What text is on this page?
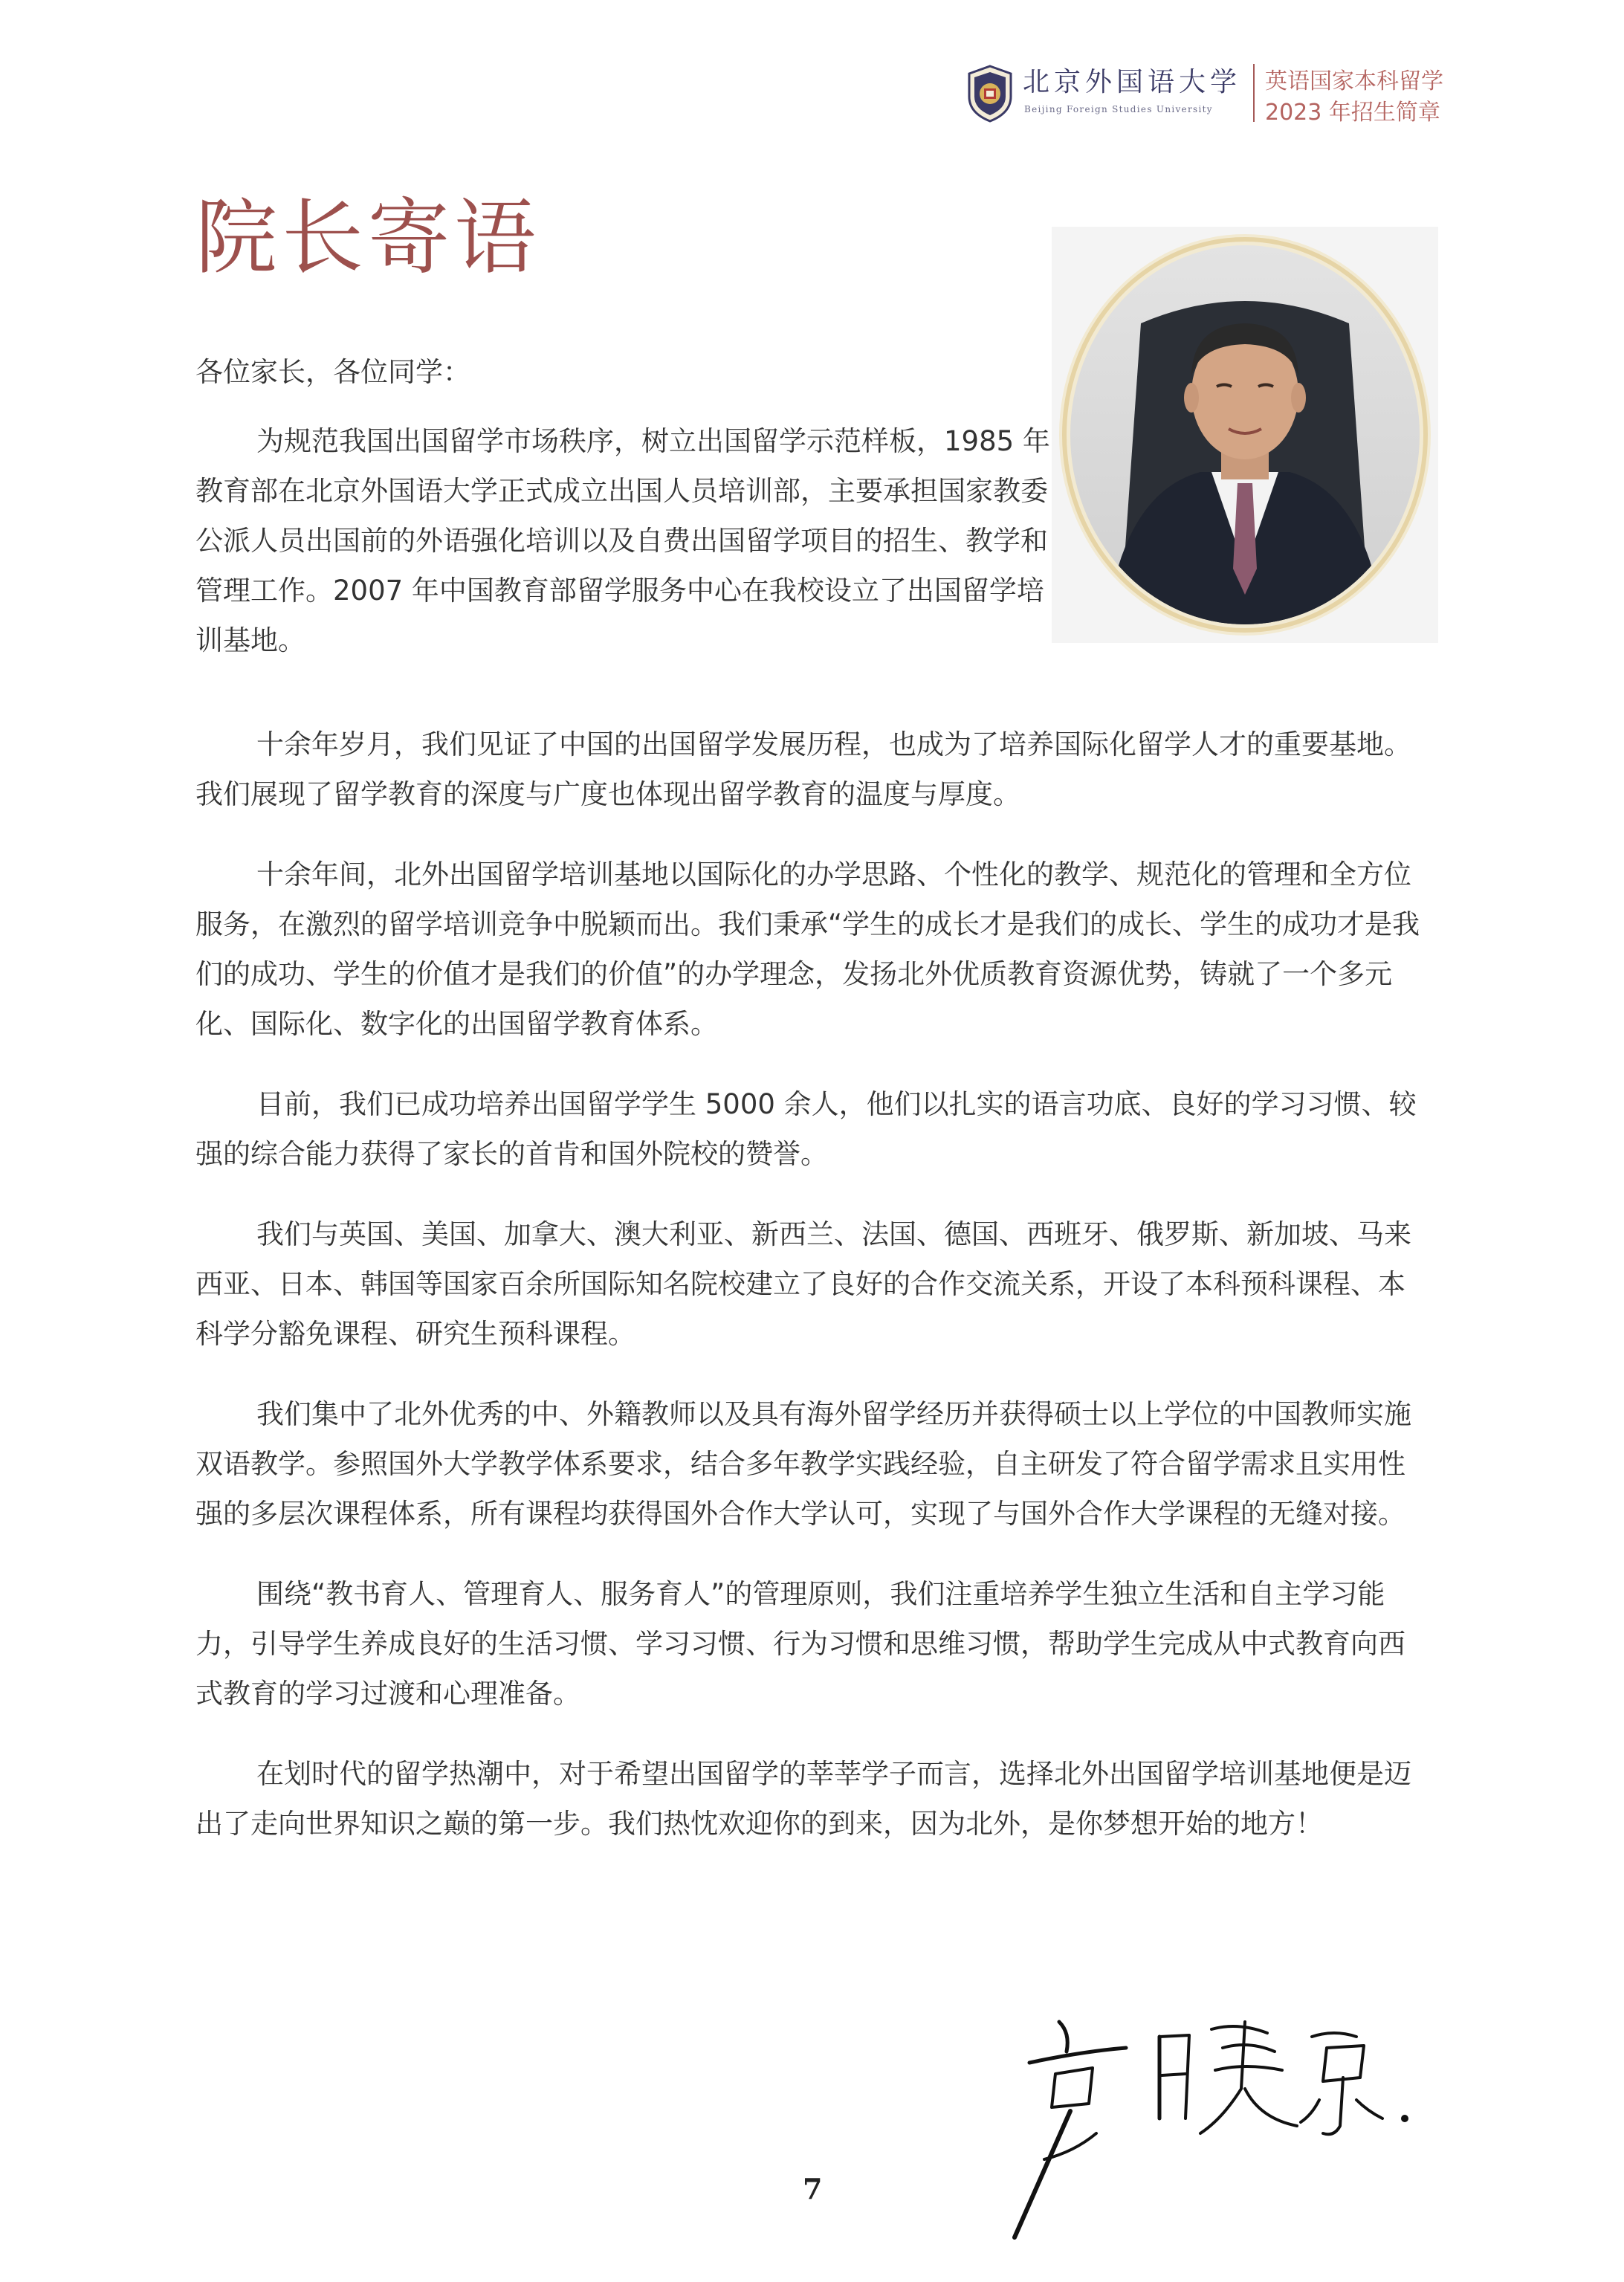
北京外国语大学
Beijing Foreign Studies University
英语国家本科留学
2023 年招生简章
院长寄语

各位家长，各位同学：

为规范我国出国留学市场秩序，树立出国留学示范样板，1985 年教育部在北京外国语大学正式成立出国人员培训部，主要承担国家教委公派人员出国前的外语强化培训以及自费出国留学项目的招生、教学和管理工作。2007 年中国教育部留学服务中心在我校设立了出国留学培训基地。

十余年岁月，我们见证了中国的出国留学发展历程，也成为了培养国际化留学人才的重要基地。我们展现了留学教育的深度与广度也体现出留学教育的温度与厚度。

十余年间，北外出国留学培训基地以国际化的办学思路、个性化的教学、规范化的管理和全方位服务，在激烈的留学培训竞争中脱颖而出。我们秉承“学生的成长才是我们的成长、学生的成功才是我们的成功、学生的价值才是我们的价值”的办学理念，发扬北外优质教育资源优势，铸就了一个多元化、国际化、数字化的出国留学教育体系。

目前，我们已成功培养出国留学学生 5000 余人，他们以扎实的语言功底、良好的学习习惯、较强的综合能力获得了家长的首肯和国外院校的赞誉。

我们与英国、美国、加拿大、澳大利亚、新西兰、法国、德国、西班牙、俄罗斯、新加坡、马来西亚、日本、韩国等国家百余所国际知名院校建立了良好的合作交流关系，开设了本科预科课程、本科学分豁免课程、研究生预科课程。

我们集中了北外优秀的中、外籍教师以及具有海外留学经历并获得硕士以上学位的中国教师实施双语教学。参照国外大学教学体系要求，结合多年教学实践经验，自主研发了符合留学需求且实用性强的多层次课程体系，所有课程均获得国外合作大学认可，实现了与国外合作大学课程的无缝对接。

围绕“教书育人、管理育人、服务育人”的管理原则，我们注重培养学生独立生活和自主学习能力，引导学生养成良好的生活习惯、学习习惯、行为习惯和思维习惯，帮助学生完成从中式教育向西式教育的学习过渡和心理准备。

在划时代的留学热潮中，对于希望出国留学的莘莘学子而言，选择北外出国留学培训基地便是迈出了走向世界知识之巅的第一步。我们热忱欢迎你的到来，因为北外，是你梦想开始的地方！

7
